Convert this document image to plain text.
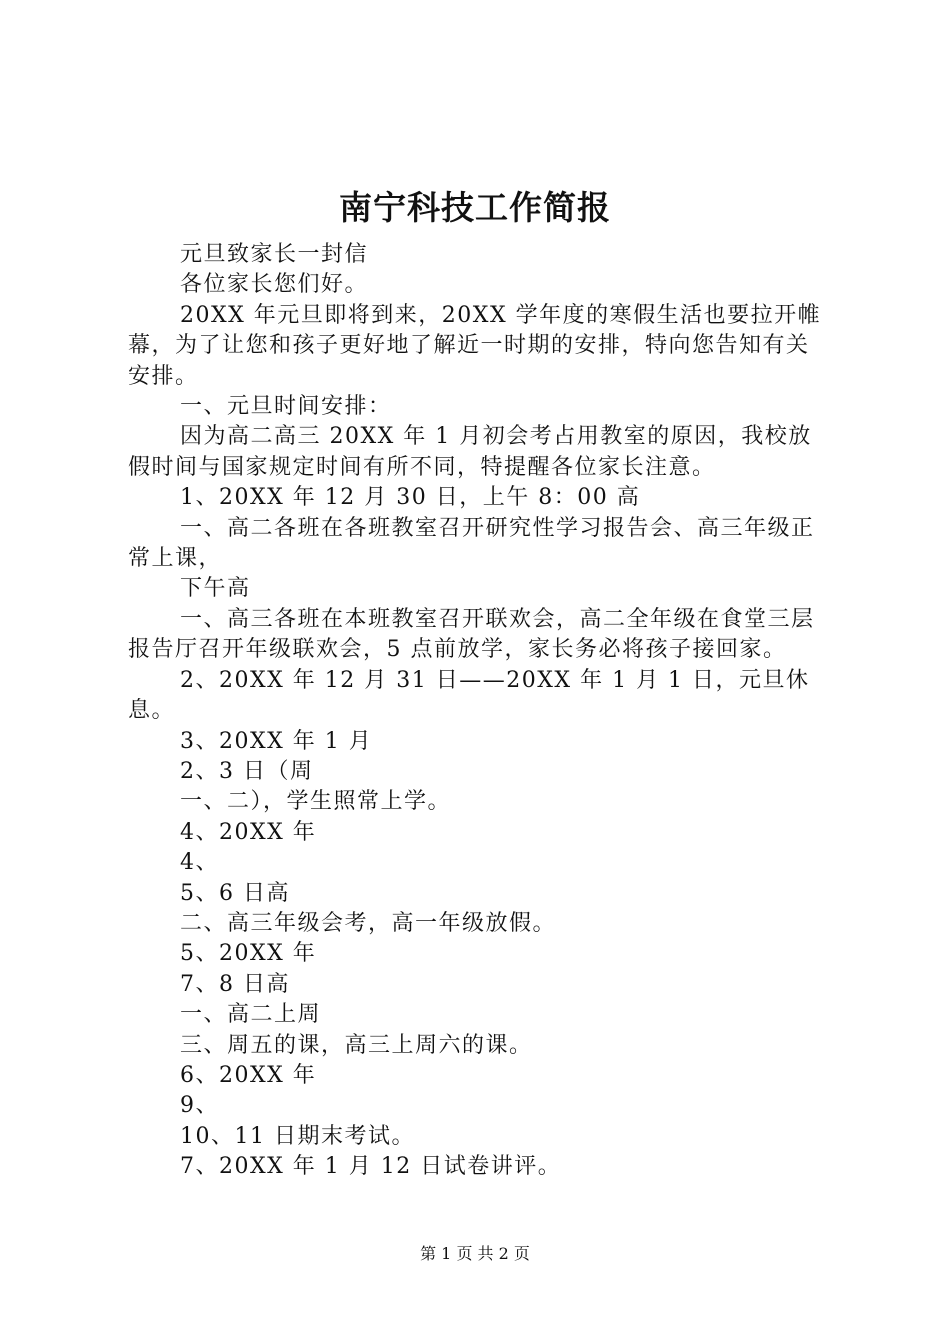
南宁科技工作简报

元旦致家长一封信

各位家长您们好。

20XX 年元旦即将到来，20XX 学年度的寒假生活也要拉开帷幕，为了让您和孩子更好地了解近一时期的安排，特向您告知有关安排。

一、元旦时间安排：

因为高二高三 20XX 年 1 月初会考占用教室的原因，我校放假时间与国家规定时间有所不同，特提醒各位家长注意。

1、20XX 年 12 月 30 日，上午 8：00 高

一、高二各班在各班教室召开研究性学习报告会、高三年级正常上课，

下午高

一、高三各班在本班教室召开联欢会，高二全年级在食堂三层报告厅召开年级联欢会，5 点前放学，家长务必将孩子接回家。

2、20XX 年 12 月 31 日——20XX 年 1 月 1 日，元旦休息。

3、20XX 年 1 月

2、3 日（周

一、二），学生照常上学。

4、20XX 年

4、

5、6 日高

二、高三年级会考，高一年级放假。

5、20XX 年

7、8 日高

一、高二上周

三、周五的课，高三上周六的课。

6、20XX 年

9、

10、11 日期末考试。

7、20XX 年 1 月 12 日试卷讲评。

第 1 页 共 2 页
